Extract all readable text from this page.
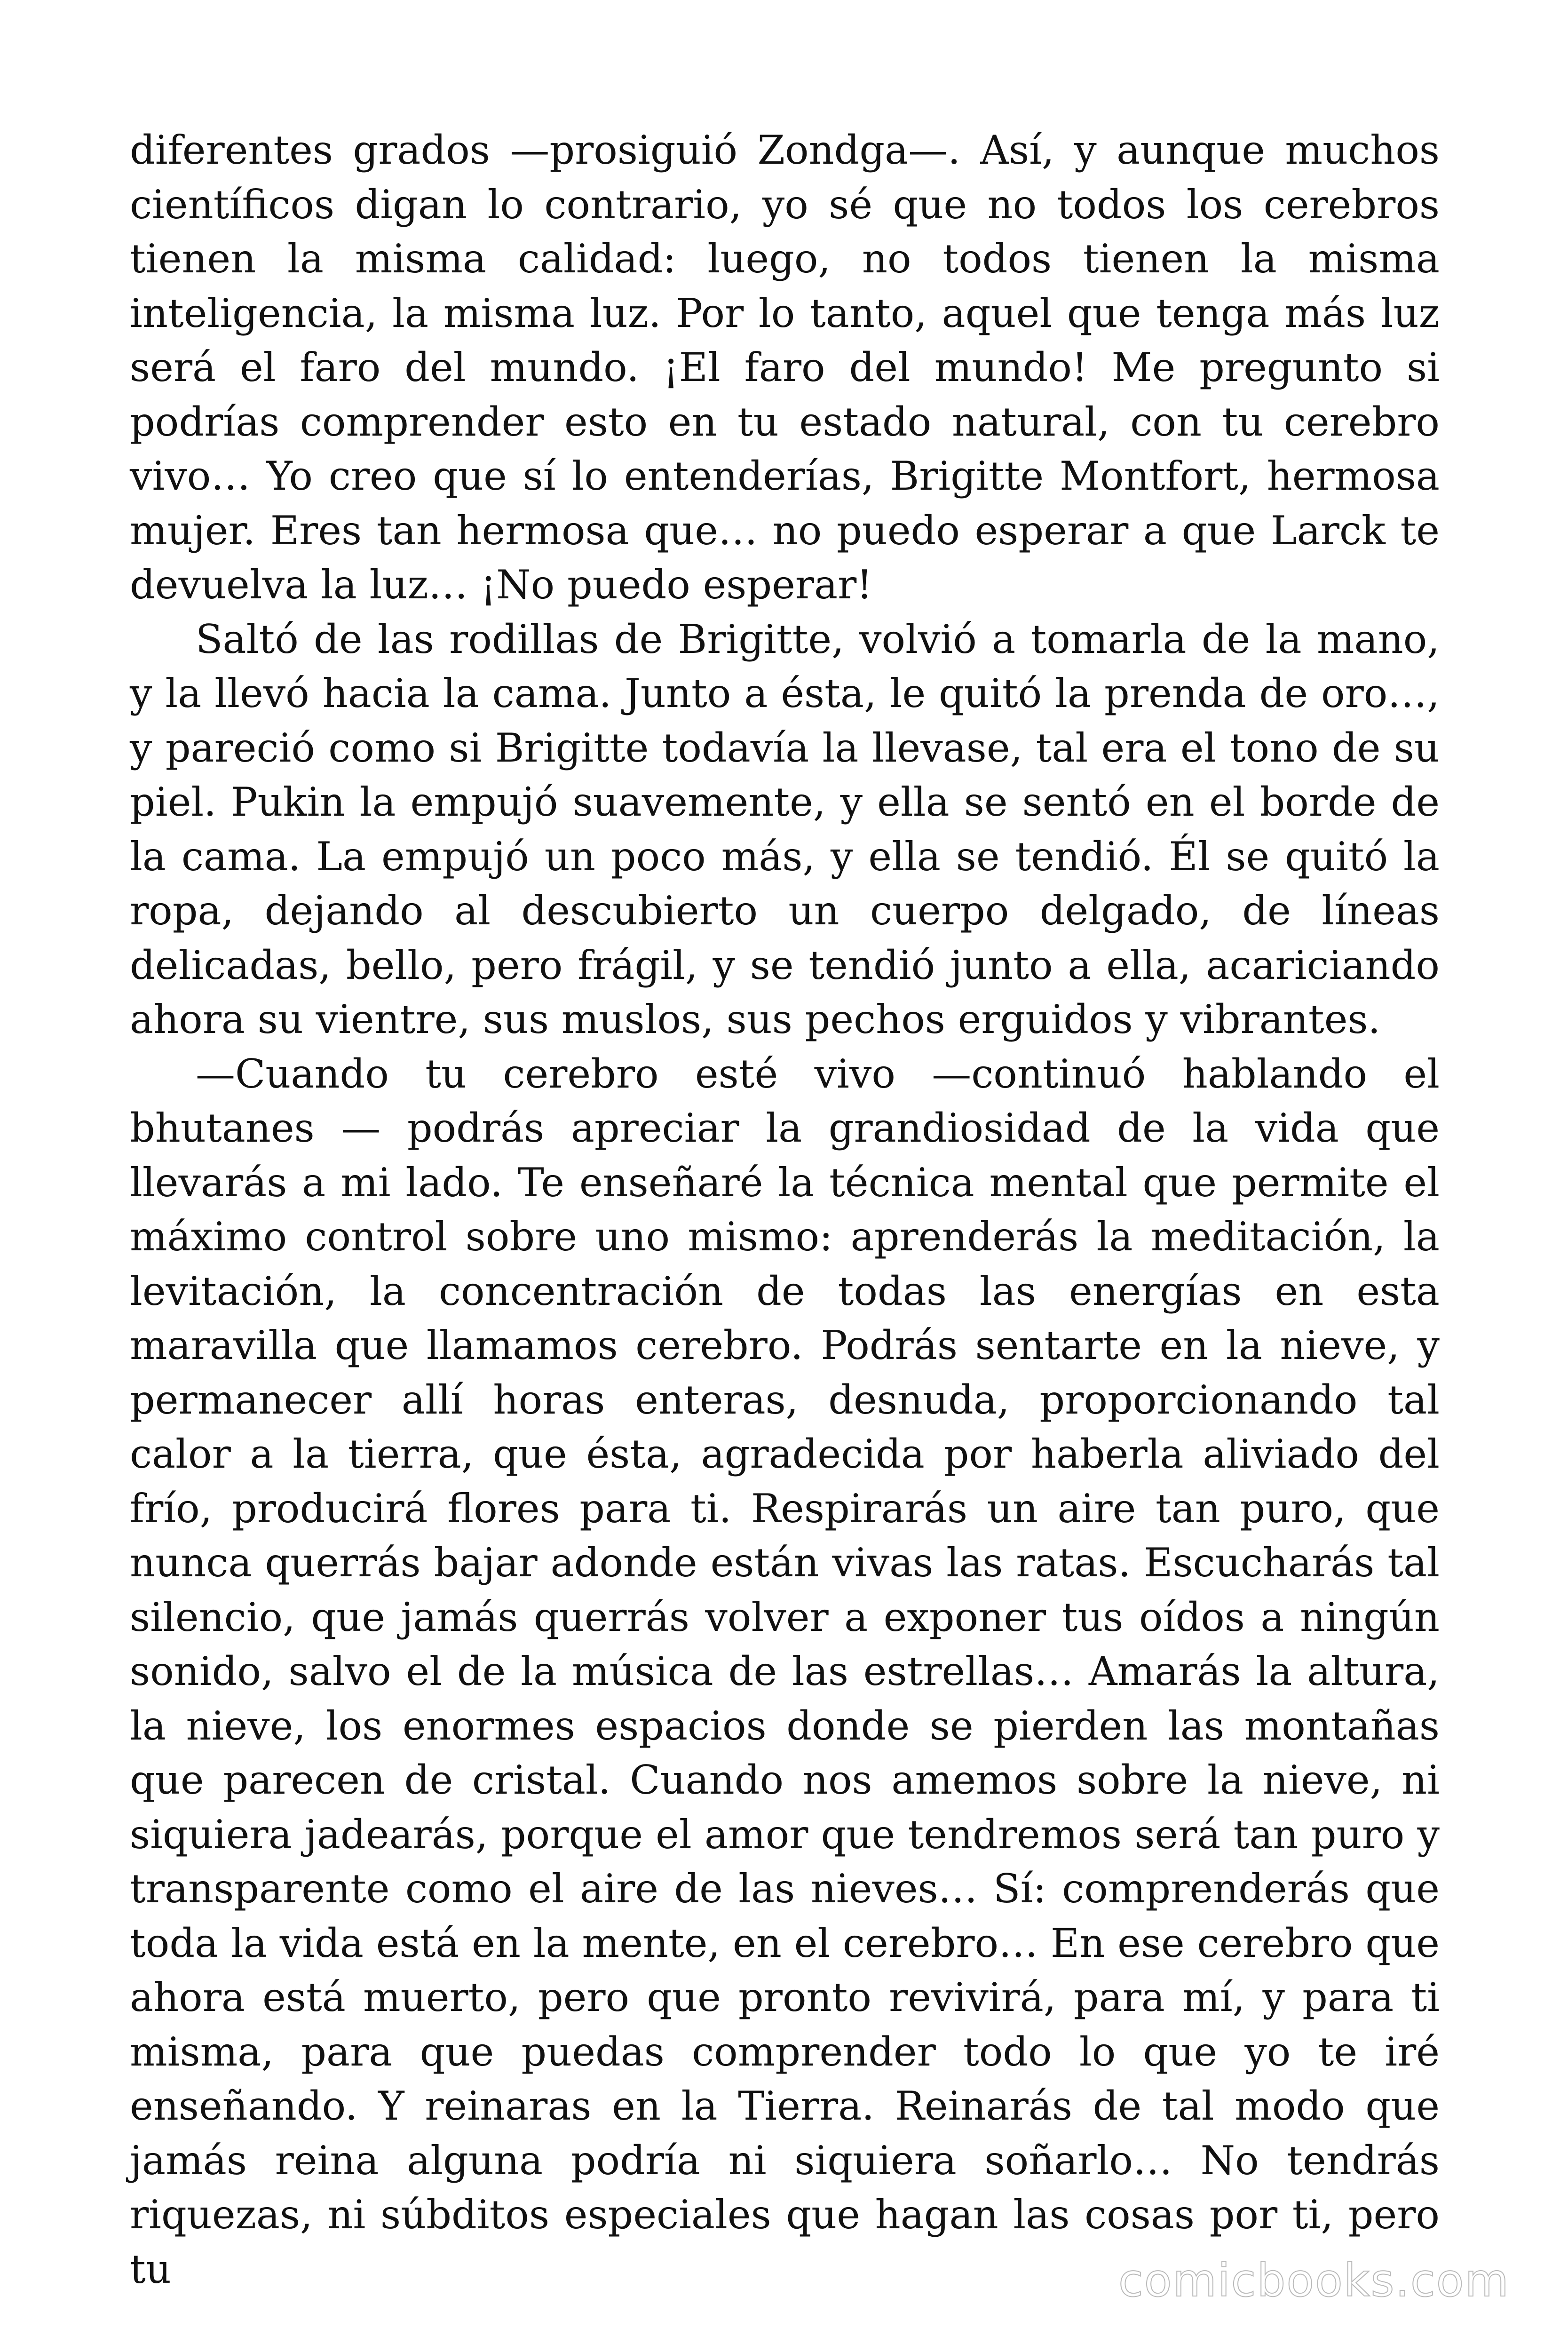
diferentes grados —prosiguió Zondga—. Así, y aunque muchos científicos digan lo contrario, yo sé que no todos los cerebros tienen la misma calidad: luego, no todos tienen la misma inteligencia, la misma luz. Por lo tanto, aquel que tenga más luz será el faro del mundo. ¡El faro del mundo! Me pregunto si podrías comprender esto en tu estado natural, con tu cerebro vivo… Yo creo que sí lo entenderías, Brigitte Montfort, hermosa mujer. Eres tan hermosa que… no puedo esperar a que Larck te devuelva la luz… ¡No puedo esperar!

Saltó de las rodillas de Brigitte, volvió a tomarla de la mano, y la llevó hacia la cama. Junto a ésta, le quitó la prenda de oro…, y pareció como si Brigitte todavía la llevase, tal era el tono de su piel. Pukin la empujó suavemente, y ella se sentó en el borde de la cama. La empujó un poco más, y ella se tendió. Él se quitó la ropa, dejando al descubierto un cuerpo delgado, de líneas delicadas, bello, pero frágil, y se tendió junto a ella, acariciando ahora su vientre, sus muslos, sus pechos erguidos y vibrantes.

—Cuando tu cerebro esté vivo —continuó hablando el bhutanes — podrás apreciar la grandiosidad de la vida que llevarás a mi lado. Te enseñaré la técnica mental que permite el máximo control sobre uno mismo: aprenderás la meditación, la levitación, la concentración de todas las energías en esta maravilla que llamamos cerebro. Podrás sentarte en la nieve, y permanecer allí horas enteras, desnuda, proporcionando tal calor a la tierra, que ésta, agradecida por haberla aliviado del frío, producirá flores para ti. Respirarás un aire tan puro, que nunca querrás bajar adonde están vivas las ratas. Escucharás tal silencio, que jamás querrás volver a exponer tus oídos a ningún sonido, salvo el de la música de las estrellas… Amarás la altura, la nieve, los enormes espacios donde se pierden las montañas que parecen de cristal. Cuando nos amemos sobre la nieve, ni siquiera jadearás, porque el amor que tendremos será tan puro y transparente como el aire de las nieves… Sí: comprenderás que toda la vida está en la mente, en el cerebro… En ese cerebro que ahora está muerto, pero que pronto revivirá, para mí, y para ti misma, para que puedas comprender todo lo que yo te iré enseñando. Y reinaras en la Tierra. Reinarás de tal modo que jamás reina alguna podría ni siquiera soñarlo… No tendrás riquezas, ni súbditos especiales que hagan las cosas por ti, pero tu	comicbooks.com
